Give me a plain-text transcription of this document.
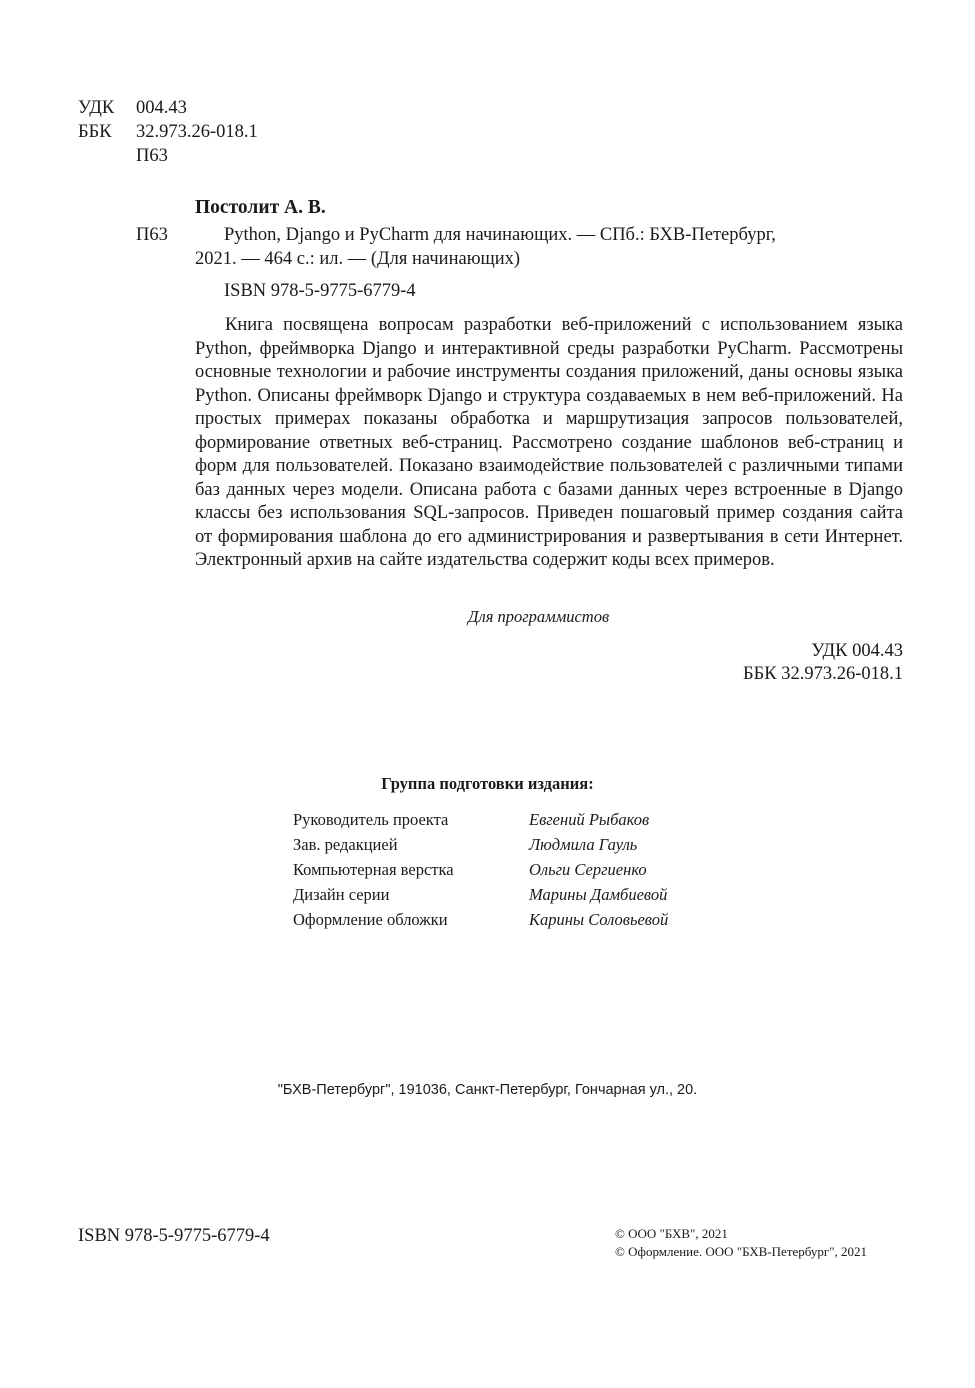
УДК	004.43
ББК	32.973.26-018.1
П63
Постолит А. В.
П63	Python, Django и PyCharm для начинающих. — СПб.: БХВ-Петербург,
2021. — 464 с.: ил. — (Для начинающих)
ISBN 978-5-9775-6779-4
Книга посвящена вопросам разработки веб-приложений с использованием языка Python, фреймворка Django и интерактивной среды разработки PyCharm. Рассмотрены основные технологии и рабочие инструменты создания приложений, даны основы языка Python. Описаны фреймворк Django и структура создаваемых в нем веб-приложений. На простых примерах показаны обработка и маршрутизация запросов пользователей, формирование ответных веб-страниц. Рассмотрено создание шаблонов веб-страниц и форм для пользователей. Показано взаимодействие пользователей с различными типами баз данных через модели. Описана работа с базами данных через встроенные в Django классы без использования SQL-запросов. Приведен пошаговый пример создания сайта от формирования шаблона до его администрирования и развертывания в сети Интернет. Электронный архив на сайте издательства содержит коды всех примеров.
Для программистов
УДК 004.43
ББК 32.973.26-018.1
Группа подготовки издания:
Руководитель проекта	Евгений Рыбаков
Зав. редакцией	Людмила Гауль
Компьютерная верстка	Ольги Сергиенко
Дизайн серии	Марины Дамбиевой
Оформление обложки	Карины Соловьевой
"БХВ-Петербург", 191036, Санкт-Петербург, Гончарная ул., 20.
ISBN 978-5-9775-6779-4	© ООО "БХВ", 2021
© Оформление. ООО "БХВ-Петербург", 2021
